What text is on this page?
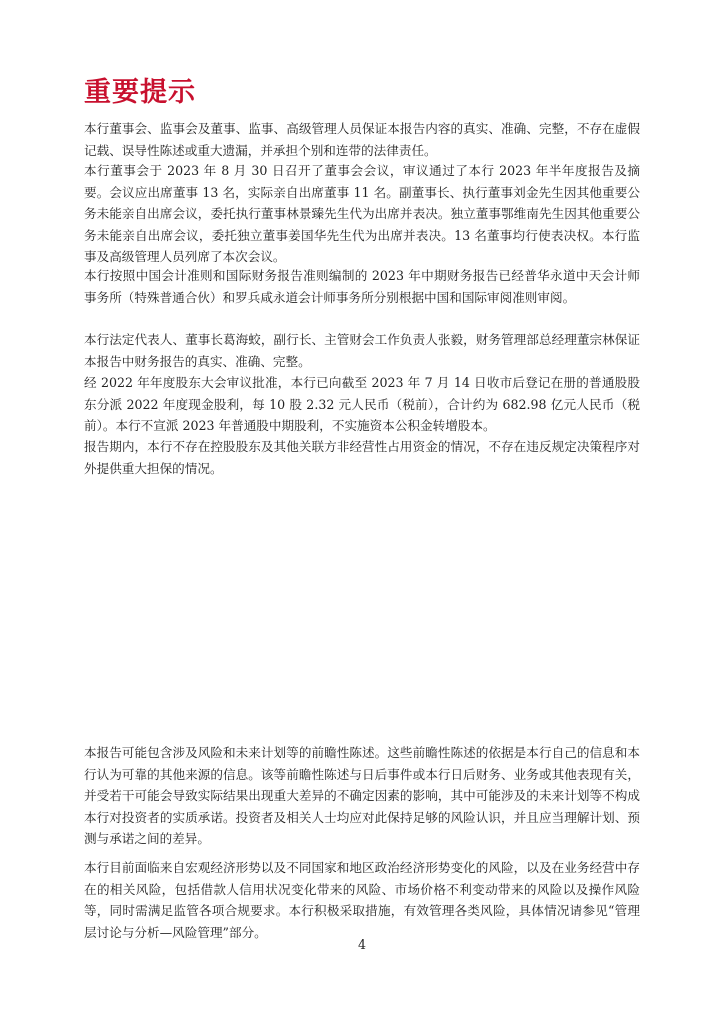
重要提示

本行董事会、监事会及董事、监事、高级管理人员保证本报告内容的真实、准确、完整，不存在虚假记载、误导性陈述或重大遗漏，并承担个别和连带的法律责任。

本行董事会于 2023 年 8 月 30 日召开了董事会会议，审议通过了本行 2023 年半年度报告及摘要。会议应出席董事 13 名，实际亲自出席董事 11 名。副董事长、执行董事刘金先生因其他重要公务未能亲自出席会议，委托执行董事林景臻先生代为出席并表决。独立董事鄂维南先生因其他重要公务未能亲自出席会议，委托独立董事姜国华先生代为出席并表决。13 名董事均行使表决权。本行监事及高级管理人员列席了本次会议。

本行按照中国会计准则和国际财务报告准则编制的 2023 年中期财务报告已经普华永道中天会计师事务所（特殊普通合伙）和罗兵咸永道会计师事务所分别根据中国和国际审阅准则审阅。

本行法定代表人、董事长葛海蛟，副行长、主管财会工作负责人张毅，财务管理部总经理董宗林保证本报告中财务报告的真实、准确、完整。

经 2022 年年度股东大会审议批准，本行已向截至 2023 年 7 月 14 日收市后登记在册的普通股股东分派 2022 年度现金股利，每 10 股 2.32 元人民币（税前），合计约为 682.98 亿元人民币（税前）。本行不宣派 2023 年普通股中期股利，不实施资本公积金转增股本。

报告期内，本行不存在控股股东及其他关联方非经营性占用资金的情况，不存在违反规定决策程序对外提供重大担保的情况。

本报告可能包含涉及风险和未来计划等的前瞻性陈述。这些前瞻性陈述的依据是本行自己的信息和本行认为可靠的其他来源的信息。该等前瞻性陈述与日后事件或本行日后财务、业务或其他表现有关，并受若干可能会导致实际结果出现重大差异的不确定因素的影响，其中可能涉及的未来计划等不构成本行对投资者的实质承诺。投资者及相关人士均应对此保持足够的风险认识，并且应当理解计划、预测与承诺之间的差异。

本行目前面临来自宏观经济形势以及不同国家和地区政治经济形势变化的风险，以及在业务经营中存在的相关风险，包括借款人信用状况变化带来的风险、市场价格不利变动带来的风险以及操作风险等，同时需满足监管各项合规要求。本行积极采取措施，有效管理各类风险，具体情况请参见“管理层讨论与分析—风险管理”部分。

4
